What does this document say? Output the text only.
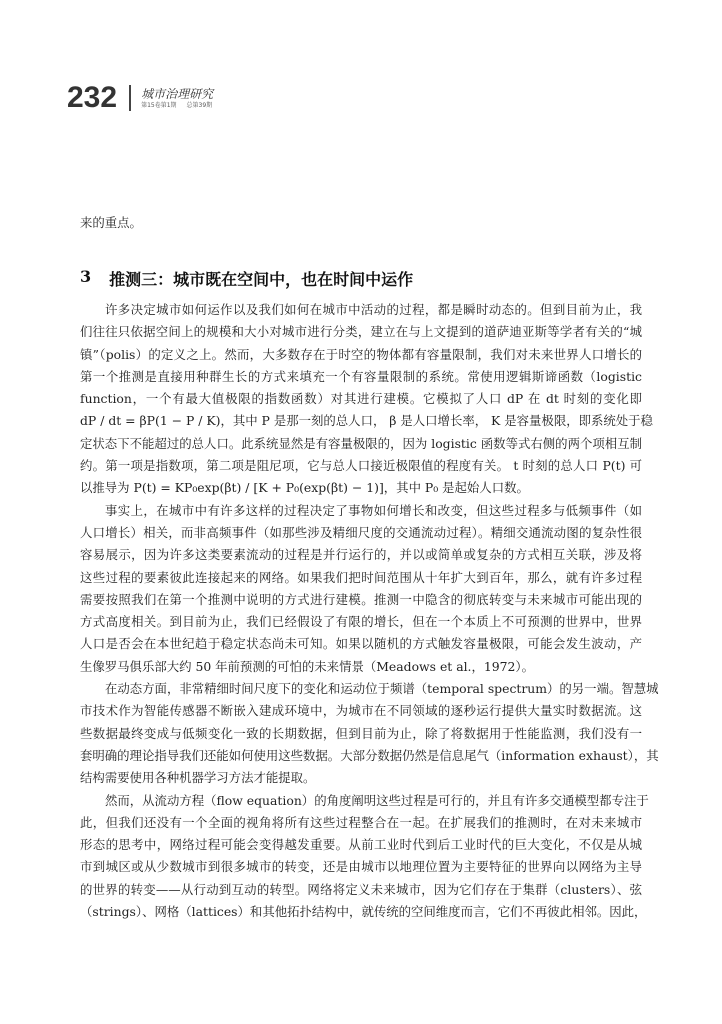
232 城市治理研究
第15卷第1期 总第39期
来的重点。
3 推测三：城市既在空间中，也在时间中运作
许多决定城市如何运作以及我们如何在城市中活动的过程，都是瞬时动态的。但到目前为止，我
们往往只依据空间上的规模和大小对城市进行分类，建立在与上文提到的道萨迪亚斯等学者有关的“城
镇”（polis）的定义之上。然而，大多数存在于时空的物体都有容量限制，我们对未来世界人口增长的
第一个推测是直接用种群生长的方式来填充一个有容量限制的系统。常使用逻辑斯谛函数（logistic
function，一个有最大值极限的指数函数）对其进行建模。它模拟了人口 dP 在 dt 时刻的变化即
dP / dt = βP(1 − P / K)，其中 P 是那一刻的总人口， β 是人口增长率， K 是容量极限，即系统处于稳
定状态下不能超过的总人口。此系统显然是有容量极限的，因为 logistic 函数等式右侧的两个项相互制
约。第一项是指数项，第二项是阻尼项，它与总人口接近极限值的程度有关。 t 时刻的总人口 P(t) 可
以推导为 P(t) = KP₀exp(βt) / [K + P₀(exp(βt) − 1)]，其中 P₀ 是起始人口数。
事实上，在城市中有许多这样的过程决定了事物如何增长和改变，但这些过程多与低频事件（如
人口增长）相关，而非高频事件（如那些涉及精细尺度的交通流动过程）。精细交通流动图的复杂性很
容易展示，因为许多这类要素流动的过程是并行运行的，并以或简单或复杂的方式相互关联，涉及将
这些过程的要素彼此连接起来的网络。如果我们把时间范围从十年扩大到百年，那么，就有许多过程
需要按照我们在第一个推测中说明的方式进行建模。推测一中隐含的彻底转变与未来城市可能出现的
方式高度相关。到目前为止，我们已经假设了有限的增长，但在一个本质上不可预测的世界中，世界
人口是否会在本世纪趋于稳定状态尚未可知。如果以随机的方式触发容量极限，可能会发生波动，产
生像罗马俱乐部大约 50 年前预测的可怕的未来情景（Meadows et al.，1972）。
在动态方面，非常精细时间尺度下的变化和运动位于频谱（temporal spectrum）的另一端。智慧城
市技术作为智能传感器不断嵌入建成环境中，为城市在不同领域的逐秒运行提供大量实时数据流。这
些数据最终变成与低频变化一致的长期数据，但到目前为止，除了将数据用于性能监测，我们没有一
套明确的理论指导我们还能如何使用这些数据。大部分数据仍然是信息尾气（information exhaust），其
结构需要使用各种机器学习方法才能提取。
然而，从流动方程（flow equation）的角度阐明这些过程是可行的，并且有许多交通模型都专注于
此，但我们还没有一个全面的视角将所有这些过程整合在一起。在扩展我们的推测时，在对未来城市
形态的思考中，网络过程可能会变得越发重要。从前工业时代到后工业时代的巨大变化，不仅是从城
市到城区或从少数城市到很多城市的转变，还是由城市以地理位置为主要特征的世界向以网络为主导
的世界的转变——从行动到互动的转型。网络将定义未来城市，因为它们存在于集群（clusters）、弦
（strings）、网格（lattices）和其他拓扑结构中，就传统的空间维度而言，它们不再彼此相邻。因此，
